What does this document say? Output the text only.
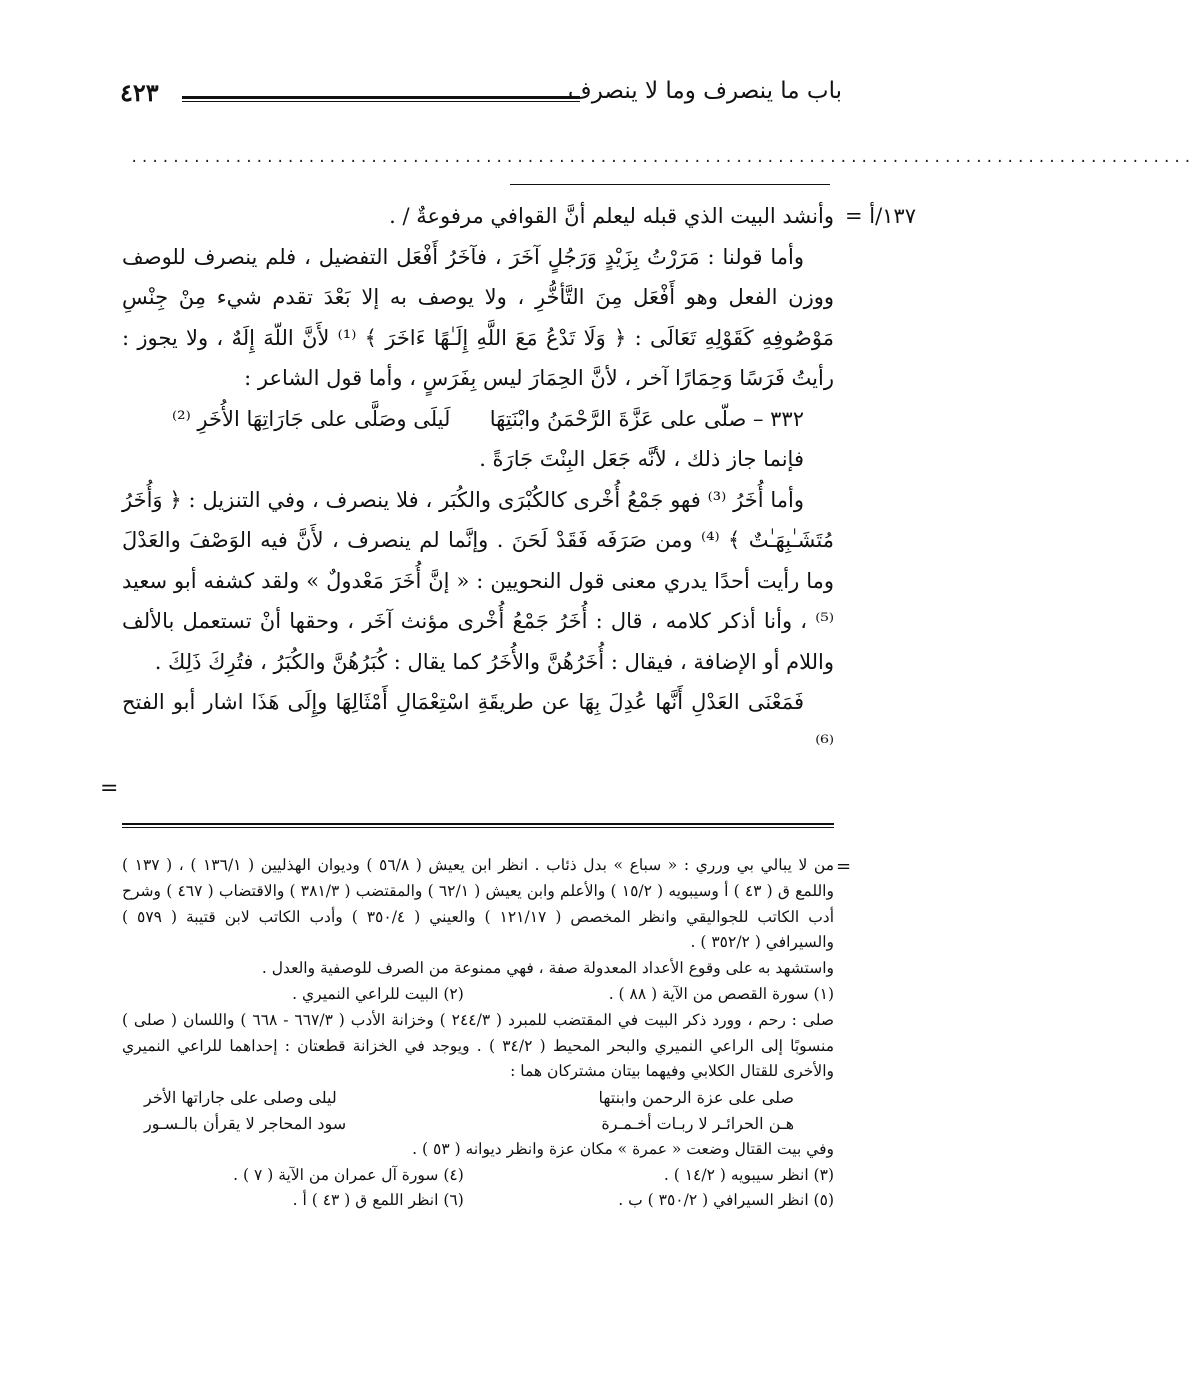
باب ما ينصرف وما لا ينصرف
٤٢٣
......................................................................................................
١٣٧/أ =

وأنشد البيت الذي قبله ليعلم أنَّ القوافي مرفوعةٌ / .

وأما قولنا : مَرَرْتُ بِزَيْدٍ وَرَجُلٍ آخَرَ ، فآخَرُ أَفْعَل التفضيل ، فلم ينصرف للوصف ووزن الفعل وهو أَفْعَل مِنَ التَّأخُّرِ ، ولا يوصف به إلا بَعْدَ تقدم شيء مِنْ جِنْسِ مَوْصُوفِهِ كَقَوْلِهِ تَعَالَى : ﴿ وَلَا تَدْعُ مَعَ اللَّهِ إِلَـٰهًا ءَاخَرَ ﴾ ⁽¹⁾ لأَنَّ اللّهَ إِلَهٌ ، ولا يجوز : رأيتُ فَرَسًا وَحِمَارًا آخر ، لأنَّ الحِمَارَ ليس بِفَرَسٍ ، وأما قول الشاعر :

٣٣٢ – صلّى على عَزَّةَ الرَّحْمَنُ وابْنَتِهَا
لَيلَى وصَلَّى على جَارَاتِهَا الأُخَرِ ⁽²⁾

فإنما جاز ذلك ، لأنَّه جَعَل البِنْتَ جَارَةً .

وأما أُخَرُ ⁽³⁾ فهو جَمْعُ أُخْرى كالكُبْرَى والكُبَر ، فلا ينصرف ، وفي التنزيل : ﴿ وَأُخَرُ مُتَشَـٰبِهَـٰتٌ ﴾ ⁽⁴⁾ ومن صَرَفَه فَقَدْ لَحَنَ . وإنَّما لم ينصرف ، لأَنَّ فيه الوَصْفَ والعَدْلَ وما رأيت أحدًا يدري معنى قول النحويين : « إنَّ أُخَرَ مَعْدولٌ » ولقد كشفه أبو سعيد ⁽⁵⁾ ، وأنا أذكر كلامه ، قال : أُخَرُ جَمْعُ أُخْرى مؤنث آخَر ، وحقها أنْ تستعمل بالألف واللام أو الإضافة ، فيقال : أُخَرُهُنَّ والأُخَرُ كما يقال : كُبَرُهُنَّ والكُبَرُ ، فتُرِكَ ذَلِكَ .

فَمَعْنَى العَدْلِ أَنَّها عُدِلَ بِهَا عن طريقَةِ اسْتِعْمَالِ أَمْثَالِهَا وإِلَى هَذَا اشار أبو الفتح ⁽⁶⁾

=
=

من لا يبالي بي ورري : « سباع » بدل ذئاب . انظر ابن يعيش ( ٥٦/٨ ) وديوان الهذليين ( ١٣٦/١ ) ، ( ١٣٧ ) واللمع ق ( ٤٣ ) أ وسيبويه ( ١٥/٢ ) والأعلم وابن يعيش ( ٦٢/١ ) والمقتضب ( ٣٨١/٣ ) والاقتضاب ( ٤٦٧ ) وشرح أدب الكاتب للجواليقي وانظر المخصص ( ١٢١/١٧ ) والعيني ( ٣٥٠/٤ ) وأدب الكاتب لابن قتيبة ( ٥٧٩ ) والسيرافي ( ٣٥٢/٢ ) .

واستشهد به على وقوع الأعداد المعدولة صفة ، فهي ممنوعة من الصرف للوصفية والعدل .

(١) سورة القصص من الآية ( ٨٨ ) .
(٢) البيت للراعي النميري .

صلى : رحم ، وورد ذكر البيت في المقتضب للمبرد ( ٢٤٤/٣ ) وخزانة الأدب ( ٦٦٧/٣ - ٦٦٨ ) واللسان ( صلى ) منسوبًا إلى الراعي النميري والبحر المحيط ( ٣٤/٢ ) . ويوجد في الخزانة قطعتان : إحداهما للراعي النميري والأخرى للقتال الكلابي وفيهما بيتان مشتركان هما :

صلى على عزة الرحمن وابنتها
ليلى وصلى على جاراتها الأخر
هـن الحرائـر لا ربـات أخـمـرة
سود المحاجر لا يقرأن بالـسـور

وفي بيت القتال وضعت « عمرة » مكان عزة وانظر ديوانه ( ٥٣ ) .

(٣) انظر سيبويه ( ١٤/٢ ) .
(٤) سورة آل عمران من الآية ( ٧ ) .
(٥) انظر السيرافي ( ٣٥٠/٢ ) ب .
(٦) انظر اللمع ق ( ٤٣ ) أ .
